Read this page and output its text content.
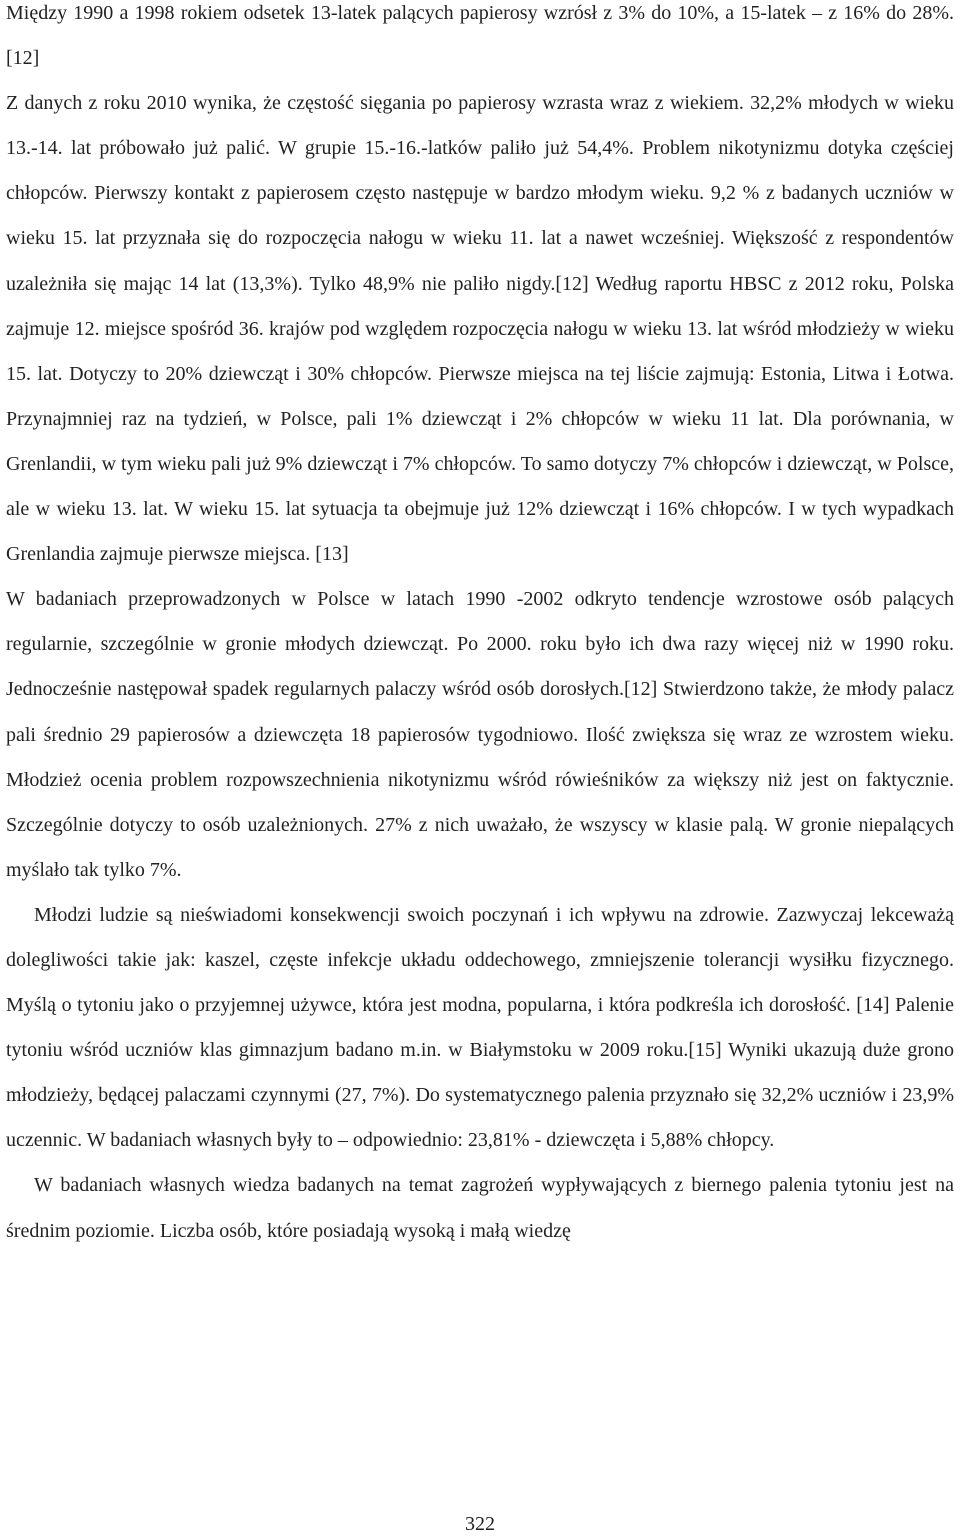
Między 1990 a 1998 rokiem odsetek 13-latek palących papierosy wzrósł z 3% do 10%, a 15-latek – z 16% do 28%. [12]

Z danych z roku 2010 wynika, że częstość sięgania po papierosy wzrasta wraz z wiekiem. 32,2% młodych w wieku 13.-14. lat próbowało już palić. W grupie 15.-16.-latków paliło już 54,4%. Problem nikotynizmu dotyka częściej chłopców. Pierwszy kontakt z papierosem często następuje w bardzo młodym wieku. 9,2 % z badanych uczniów w wieku 15. lat przyznała się do rozpoczęcia nałogu w wieku 11. lat a nawet wcześniej. Większość z respondentów uzależniła się mając 14 lat (13,3%). Tylko 48,9% nie paliło nigdy.[12] Według raportu HBSC z 2012 roku, Polska zajmuje 12. miejsce spośród 36. krajów pod względem rozpoczęcia nałogu w wieku 13. lat wśród młodzieży w wieku 15. lat. Dotyczy to 20% dziewcząt i 30% chłopców. Pierwsze miejsca na tej liście zajmują: Estonia, Litwa i Łotwa. Przynajmniej raz na tydzień, w Polsce, pali 1% dziewcząt i 2% chłopców w wieku 11 lat. Dla porównania, w Grenlandii, w tym wieku pali już 9% dziewcząt i 7% chłopców. To samo dotyczy 7% chłopców i dziewcząt, w Polsce, ale w wieku 13. lat. W wieku 15. lat sytuacja ta obejmuje już 12% dziewcząt i 16% chłopców. I w tych wypadkach Grenlandia zajmuje pierwsze miejsca. [13]

W badaniach przeprowadzonych w Polsce w latach 1990 -2002 odkryto tendencje wzrostowe osób palących regularnie, szczególnie w gronie młodych dziewcząt. Po 2000. roku było ich dwa razy więcej niż w 1990 roku. Jednocześnie następował spadek regularnych palaczy wśród osób dorosłych.[12] Stwierdzono także, że młody palacz pali średnio 29 papierosów a dziewczęta 18 papierosów tygodniowo. Ilość zwiększa się wraz ze wzrostem wieku. Młodzież ocenia problem rozpowszechnienia nikotynizmu wśród rówieśników za większy niż jest on faktycznie. Szczególnie dotyczy to osób uzależnionych. 27% z nich uważało, że wszyscy w klasie palą. W gronie niepalących myślało tak tylko 7%.

Młodzi ludzie są nieświadomi konsekwencji swoich poczynań i ich wpływu na zdrowie. Zazwyczaj lekceważą dolegliwości takie jak: kaszel, częste infekcje układu oddechowego, zmniejszenie tolerancji wysiłku fizycznego. Myślą o tytoniu jako o przyjemnej używce, która jest modna, popularna, i która podkreśla ich dorosłość. [14] Palenie tytoniu wśród uczniów klas gimnazjum badano m.in. w Białymstoku w 2009 roku.[15] Wyniki ukazują duże grono młodzieży, będącej palaczami czynnymi (27, 7%). Do systematycznego palenia przyznało się 32,2% uczniów i 23,9% uczennic. W badaniach własnych były to – odpowiednio: 23,81% - dziewczęta i 5,88% chłopcy.

W badaniach własnych wiedza badanych na temat zagrożeń wypływających z biernego palenia tytoniu jest na średnim poziomie. Liczba osób, które posiadają wysoką i małą wiedzę

322
